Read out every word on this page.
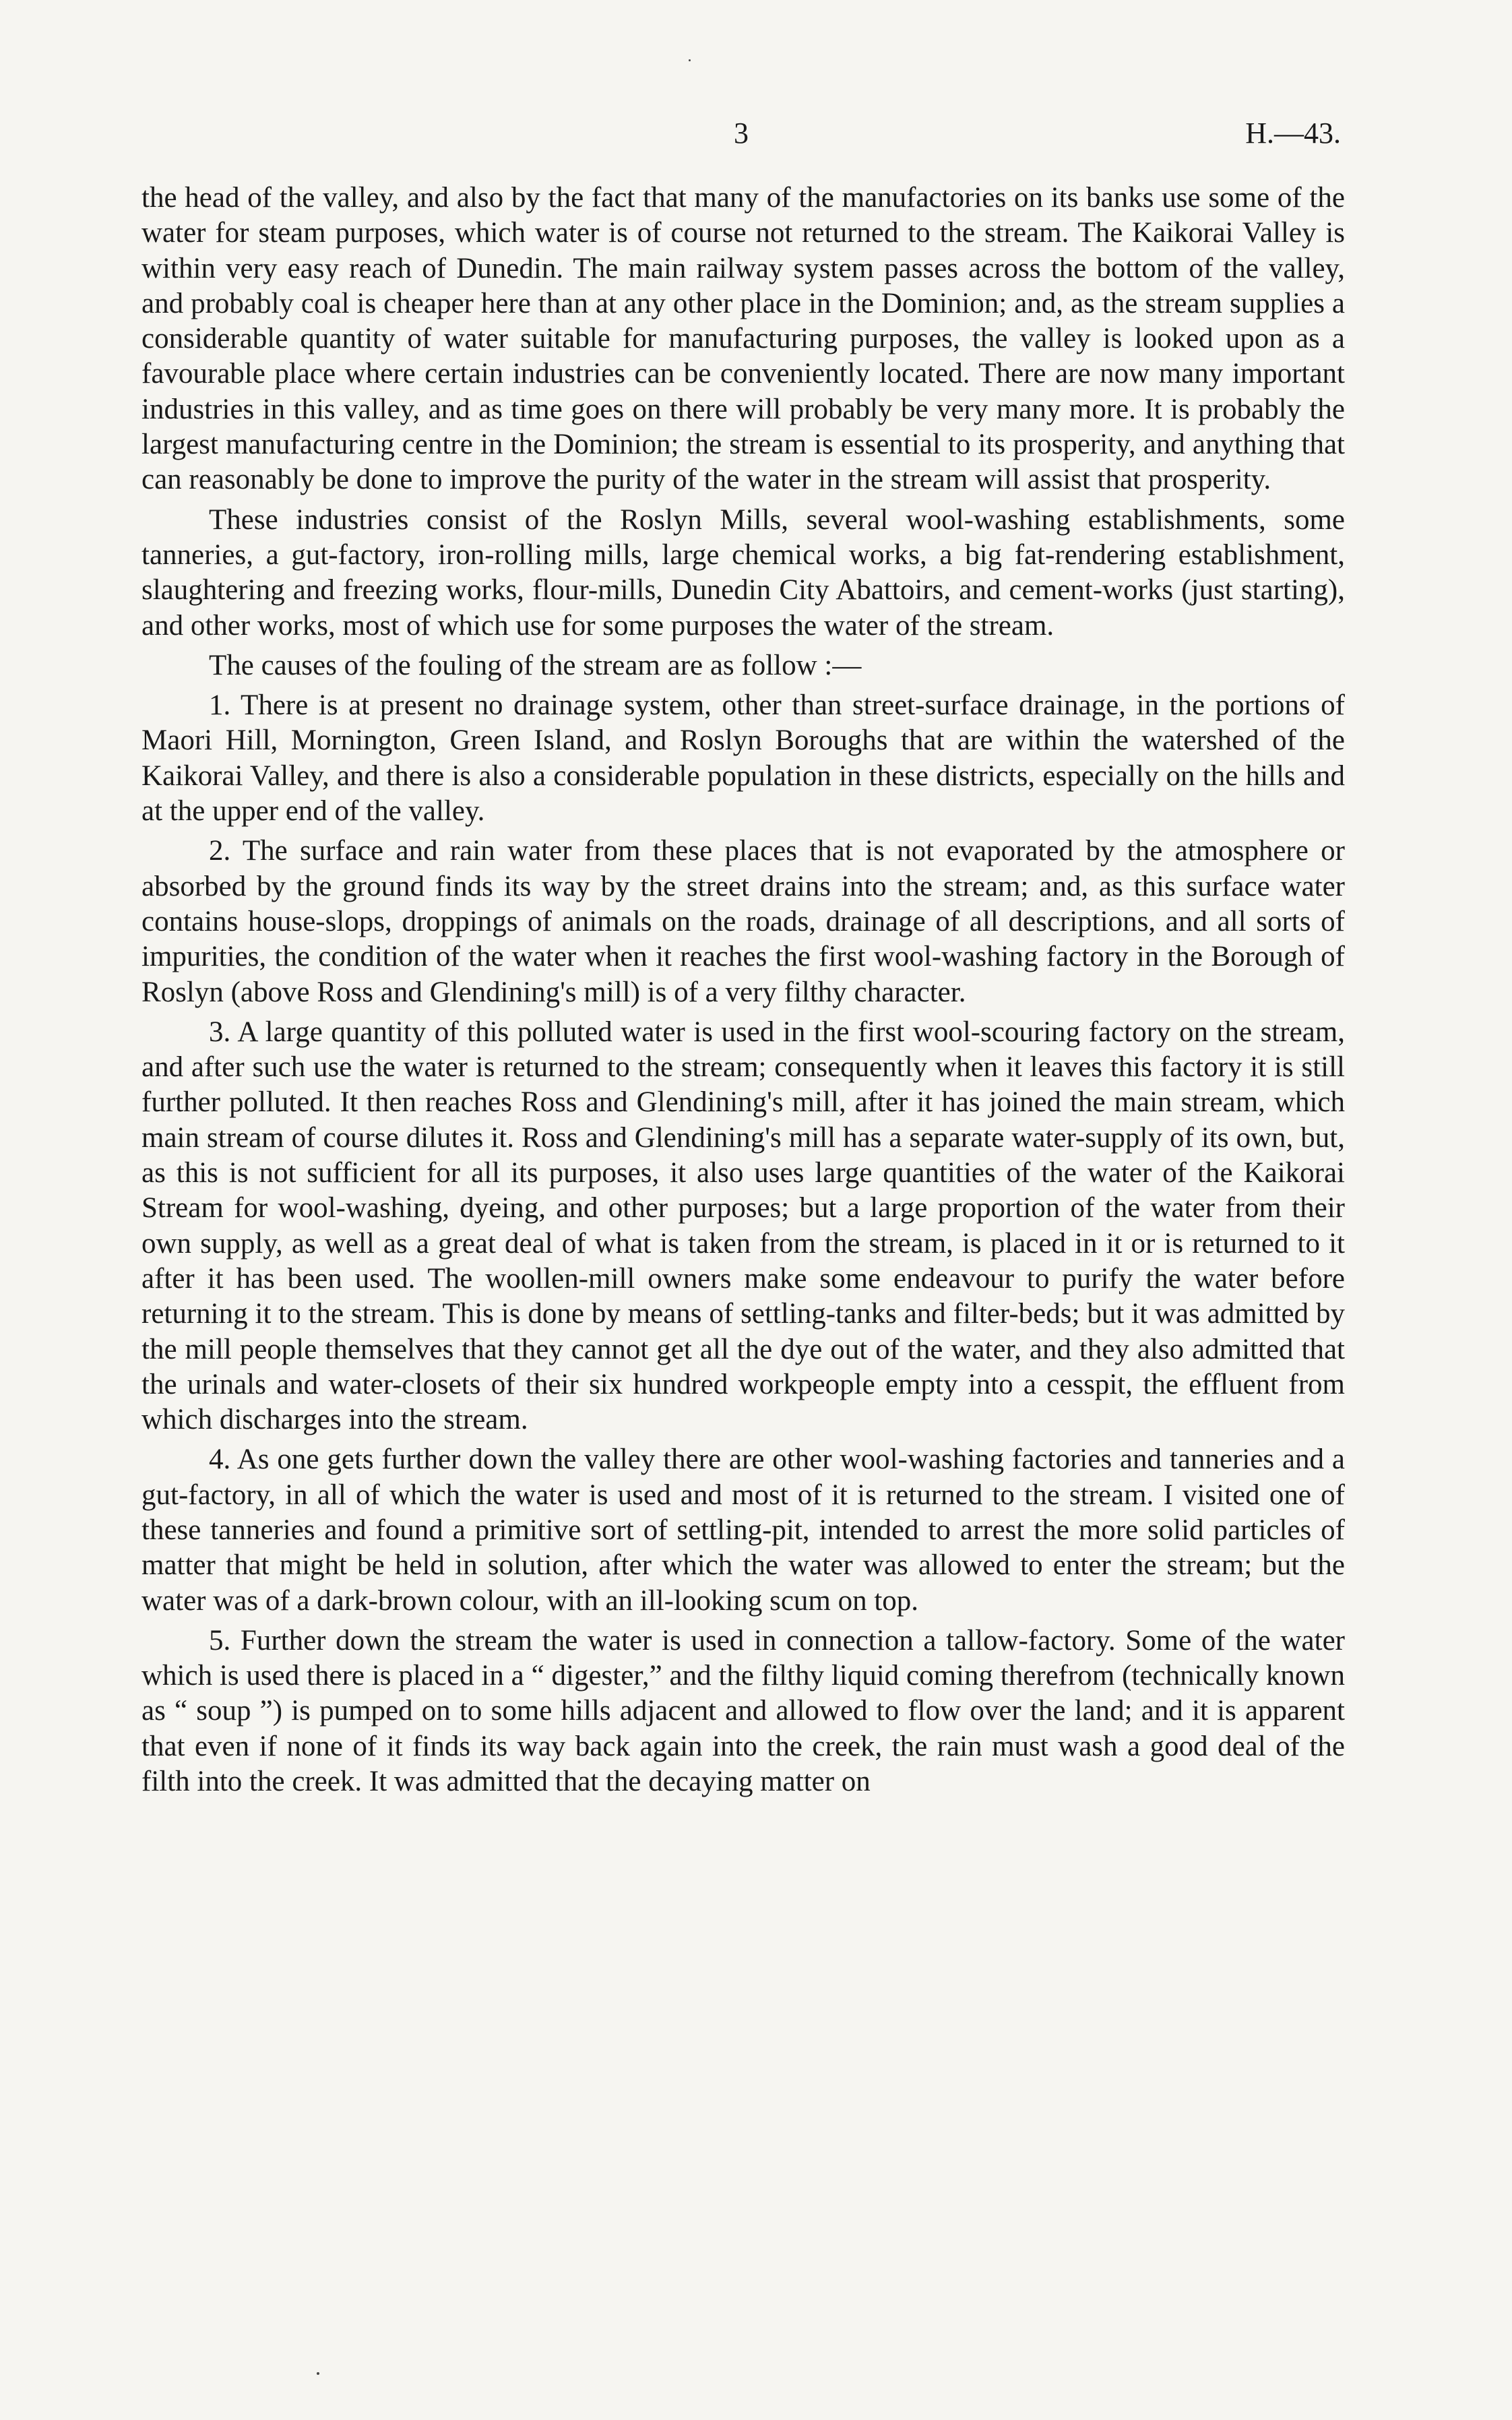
3	H.—43.

the head of the valley, and also by the fact that many of the manufactories on its banks use some of the water for steam purposes, which water is of course not returned to the stream. The Kaikorai Valley is within very easy reach of Dunedin. The main railway system passes across the bottom of the valley, and probably coal is cheaper here than at any other place in the Dominion; and, as the stream supplies a considerable quantity of water suitable for manufacturing purposes, the valley is looked upon as a favourable place where certain industries can be conveniently located. There are now many important industries in this valley, and as time goes on there will probably be very many more. It is probably the largest manufacturing centre in the Dominion; the stream is essential to its prosperity, and anything that can reasonably be done to improve the purity of the water in the stream will assist that prosperity.

These industries consist of the Roslyn Mills, several wool-washing establishments, some tanneries, a gut-factory, iron-rolling mills, large chemical works, a big fat-rendering establishment, slaughtering and freezing works, flour-mills, Dunedin City Abattoirs, and cement-works (just starting), and other works, most of which use for some purposes the water of the stream.

The causes of the fouling of the stream are as follow :—

1. There is at present no drainage system, other than street-surface drainage, in the portions of Maori Hill, Mornington, Green Island, and Roslyn Boroughs that are within the watershed of the Kaikorai Valley, and there is also a considerable population in these districts, especially on the hills and at the upper end of the valley.

2. The surface and rain water from these places that is not evaporated by the atmosphere or absorbed by the ground finds its way by the street drains into the stream; and, as this surface water contains house-slops, droppings of animals on the roads, drainage of all descriptions, and all sorts of impurities, the condition of the water when it reaches the first wool-washing factory in the Borough of Roslyn (above Ross and Glendining's mill) is of a very filthy character.

3. A large quantity of this polluted water is used in the first wool-scouring factory on the stream, and after such use the water is returned to the stream; consequently when it leaves this factory it is still further polluted. It then reaches Ross and Glendining's mill, after it has joined the main stream, which main stream of course dilutes it. Ross and Glendining's mill has a separate water-supply of its own, but, as this is not sufficient for all its purposes, it also uses large quantities of the water of the Kaikorai Stream for wool-washing, dyeing, and other purposes; but a large proportion of the water from their own supply, as well as a great deal of what is taken from the stream, is placed in it or is returned to it after it has been used. The woollen-mill owners make some endeavour to purify the water before returning it to the stream. This is done by means of settling-tanks and filter-beds; but it was admitted by the mill people themselves that they cannot get all the dye out of the water, and they also admitted that the urinals and water-closets of their six hundred workpeople empty into a cesspit, the effluent from which discharges into the stream.

4. As one gets further down the valley there are other wool-washing factories and tanneries and a gut-factory, in all of which the water is used and most of it is returned to the stream. I visited one of these tanneries and found a primitive sort of settling-pit, intended to arrest the more solid particles of matter that might be held in solution, after which the water was allowed to enter the stream; but the water was of a dark-brown colour, with an ill-looking scum on top.

5. Further down the stream the water is used in connection a tallow-factory. Some of the water which is used there is placed in a “ digester,” and the filthy liquid coming therefrom (technically known as “ soup ”) is pumped on to some hills adjacent and allowed to flow over the land; and it is apparent that even if none of it finds its way back again into the creek, the rain must wash a good deal of the filth into the creek. It was admitted that the decaying matter on
